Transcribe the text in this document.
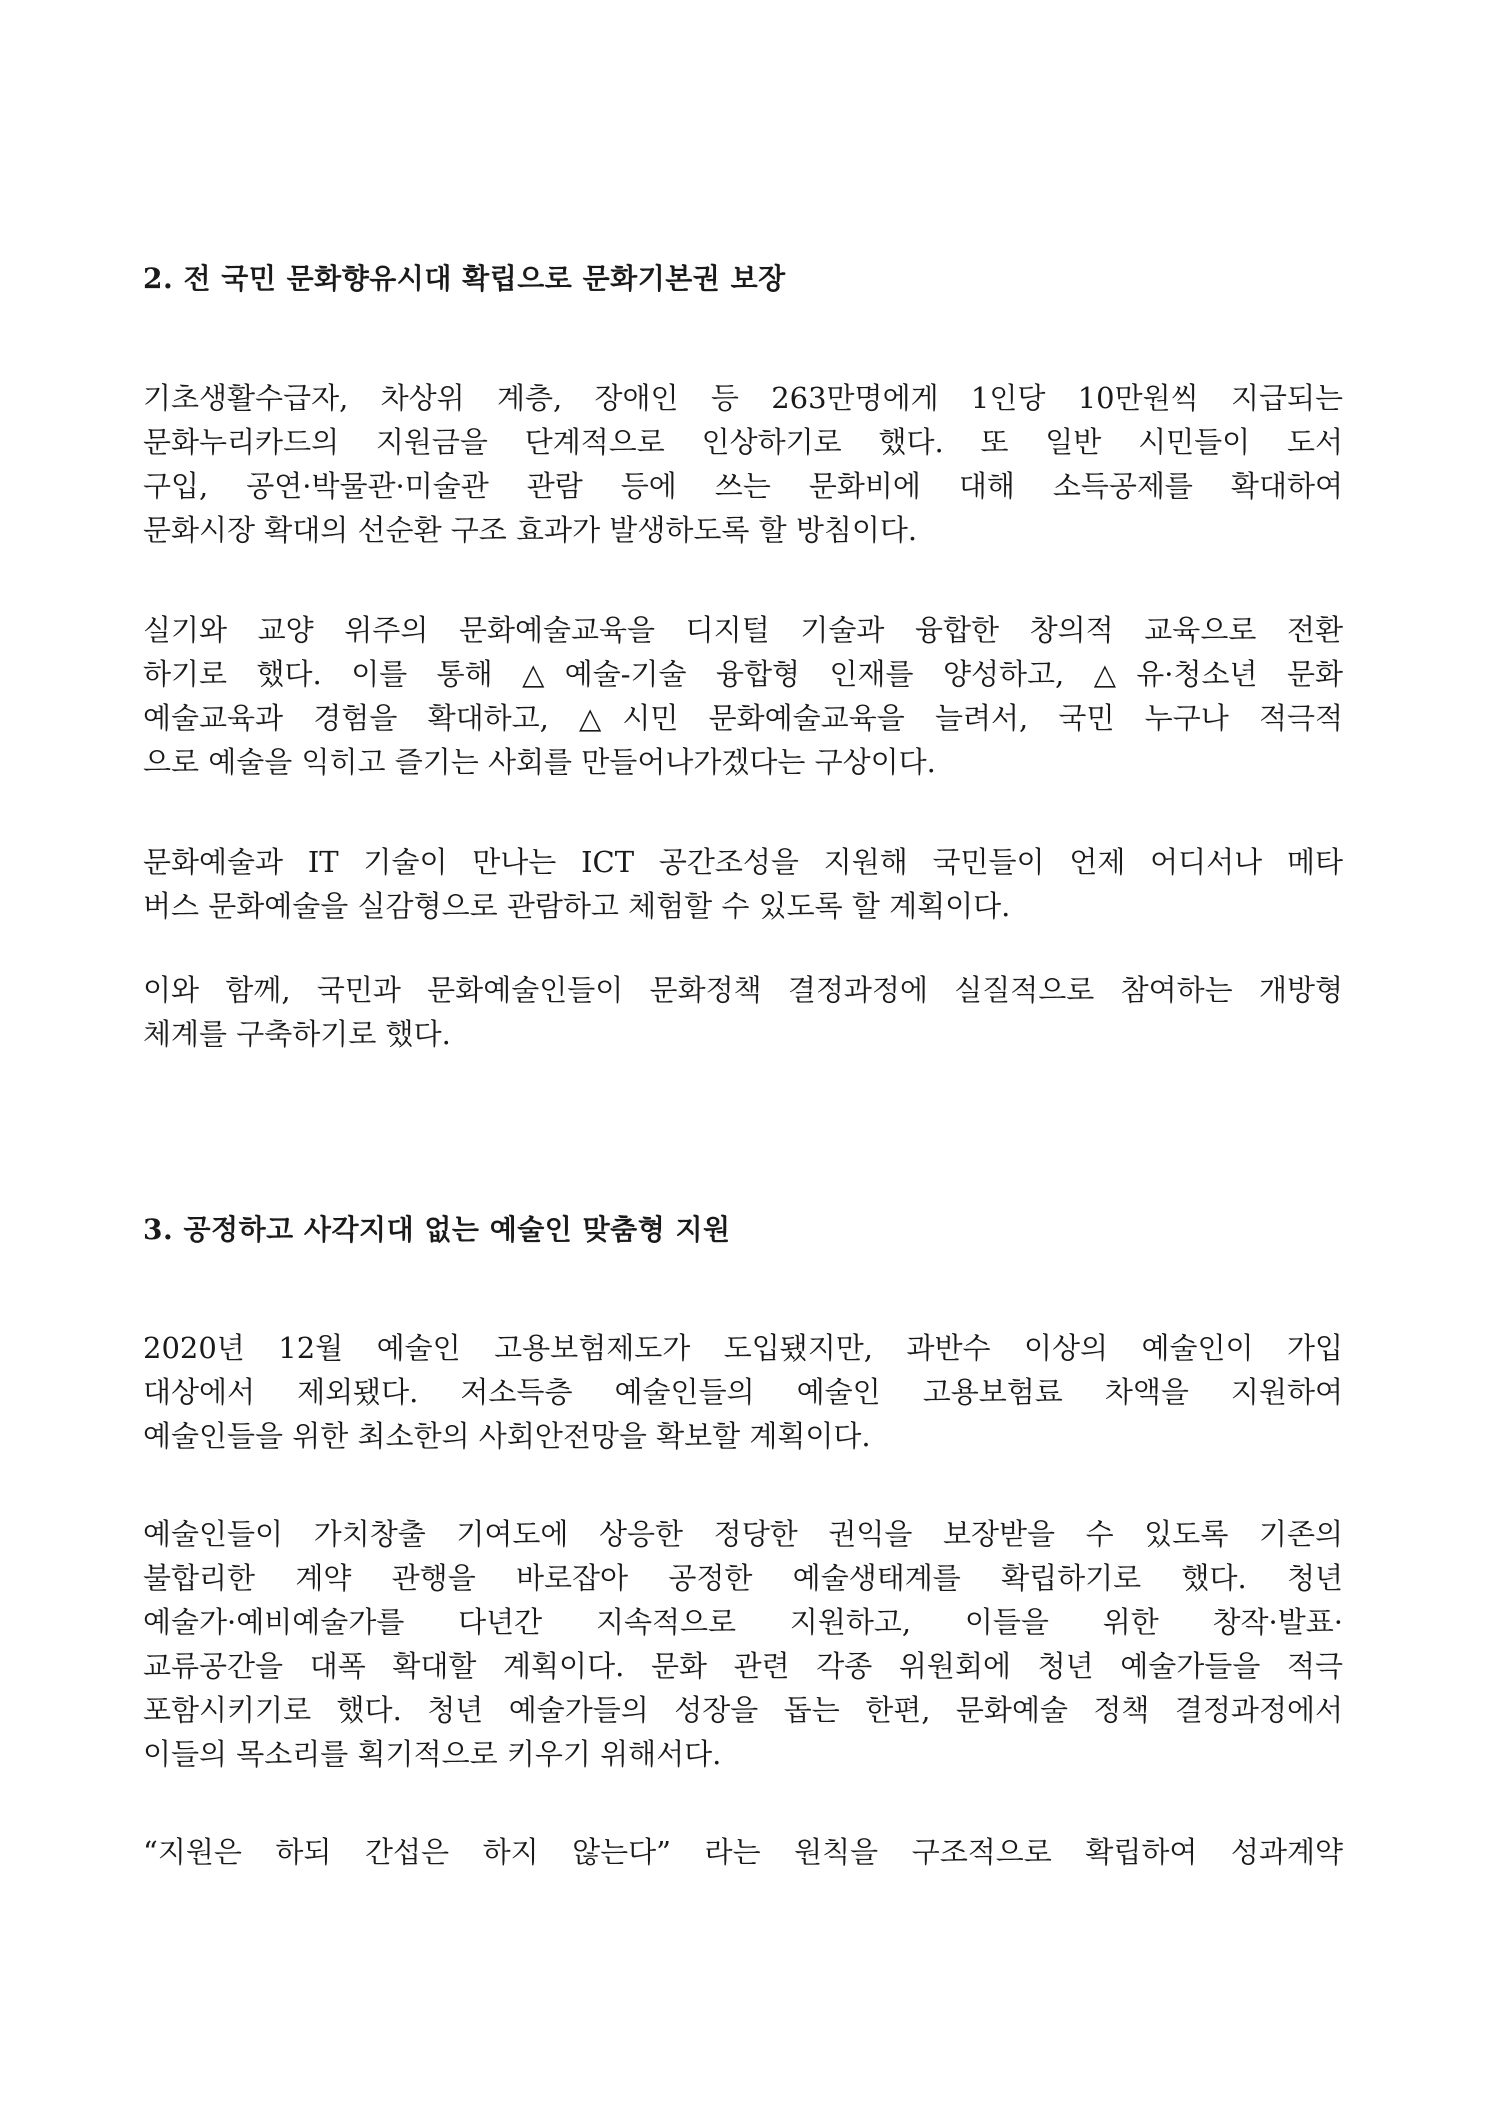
2. 전 국민 문화향유시대 확립으로 문화기본권 보장
기초생활수급자, 차상위 계층, 장애인 등 263만명에게 1인당 10만원씩 지급되는
문화누리카드의 지원금을 단계적으로 인상하기로 했다. 또 일반 시민들이 도서
구입, 공연·박물관·미술관 관람 등에 쓰는 문화비에 대해 소득공제를 확대하여
문화시장 확대의 선순환 구조 효과가 발생하도록 할 방침이다.
실기와 교양 위주의 문화예술교육을 디지털 기술과 융합한 창의적 교육으로 전환
하기로 했다. 이를 통해 △예술-기술 융합형 인재를 양성하고, △유·청소년 문화
예술교육과 경험을 확대하고, △시민 문화예술교육을 늘려서, 국민 누구나 적극적
으로 예술을 익히고 즐기는 사회를 만들어나가겠다는 구상이다.
문화예술과 IT 기술이 만나는 ICT 공간조성을 지원해 국민들이 언제 어디서나 메타
버스 문화예술을 실감형으로 관람하고 체험할 수 있도록 할 계획이다.
이와 함께, 국민과 문화예술인들이 문화정책 결정과정에 실질적으로 참여하는 개방형
체계를 구축하기로 했다.
3. 공정하고 사각지대 없는 예술인 맞춤형 지원
2020년 12월 예술인 고용보험제도가 도입됐지만, 과반수 이상의 예술인이 가입
대상에서 제외됐다. 저소득층 예술인들의 예술인 고용보험료 차액을 지원하여
예술인들을 위한 최소한의 사회안전망을 확보할 계획이다.
예술인들이 가치창출 기여도에 상응한 정당한 권익을 보장받을 수 있도록 기존의
불합리한 계약 관행을 바로잡아 공정한 예술생태계를 확립하기로 했다. 청년
예술가·예비예술가를 다년간 지속적으로 지원하고, 이들을 위한 창작·발표·
교류공간을 대폭 확대할 계획이다. 문화 관련 각종 위원회에 청년 예술가들을 적극
포함시키기로 했다. 청년 예술가들의 성장을 돕는 한편, 문화예술 정책 결정과정에서
이들의 목소리를 획기적으로 키우기 위해서다.
“지원은 하되 간섭은 하지 않는다” 라는 원칙을 구조적으로 확립하여 성과계약
